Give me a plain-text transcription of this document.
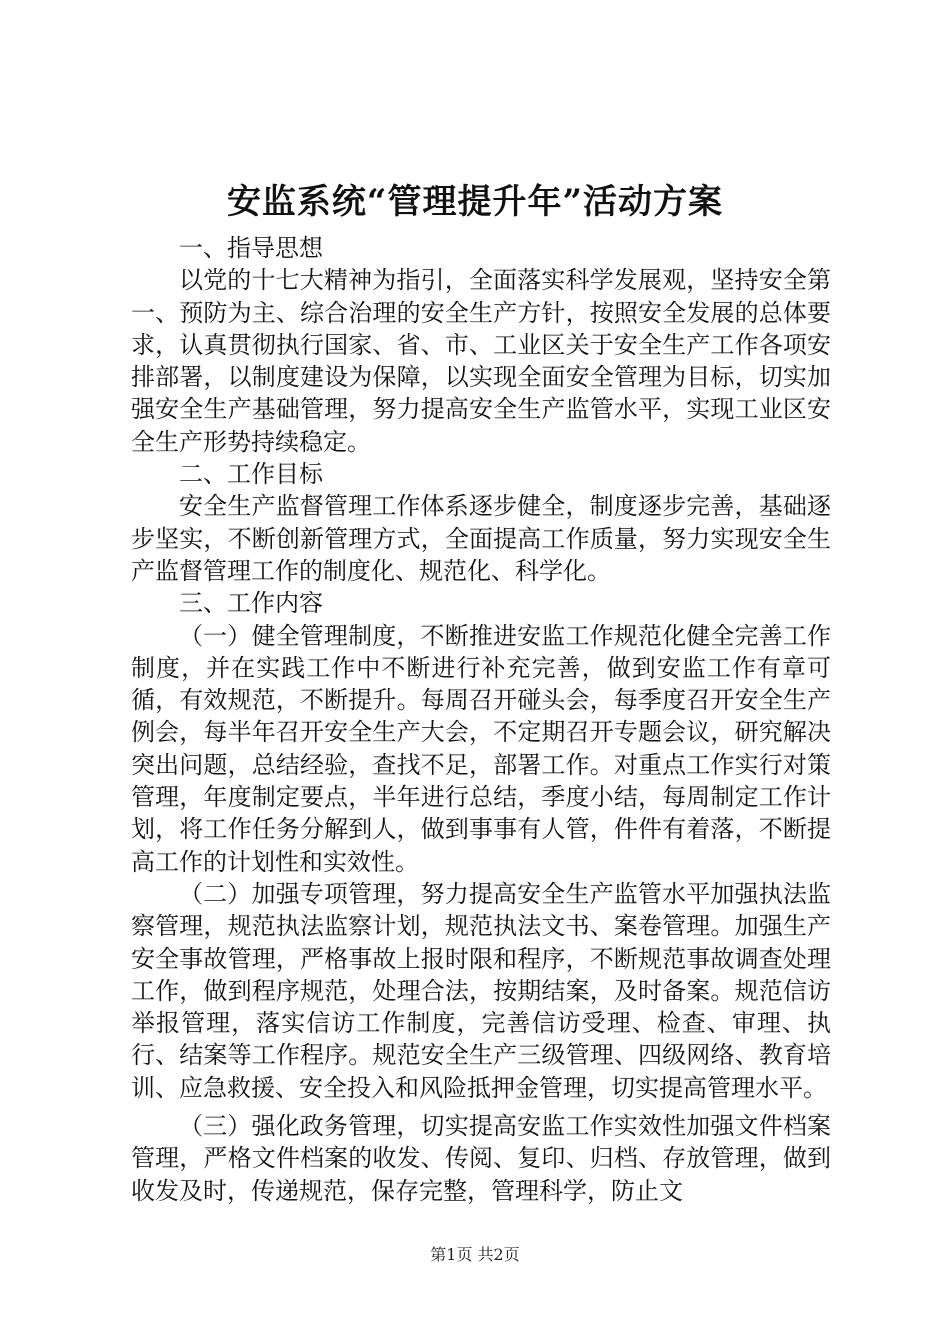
安监系统“管理提升年”活动方案

一、指导思想

以党的十七大精神为指引，全面落实科学发展观，坚持安全第一、预防为主、综合治理的安全生产方针，按照安全发展的总体要求，认真贯彻执行国家、省、市、工业区关于安全生产工作各项安排部署，以制度建设为保障，以实现全面安全管理为目标，切实加强安全生产基础管理，努力提高安全生产监管水平，实现工业区安全生产形势持续稳定。

二、工作目标

安全生产监督管理工作体系逐步健全，制度逐步完善，基础逐步坚实，不断创新管理方式，全面提高工作质量，努力实现安全生产监督管理工作的制度化、规范化、科学化。

三、工作内容

（一）健全管理制度，不断推进安监工作规范化健全完善工作制度，并在实践工作中不断进行补充完善，做到安监工作有章可循，有效规范，不断提升。每周召开碰头会，每季度召开安全生产例会，每半年召开安全生产大会，不定期召开专题会议，研究解决突出问题，总结经验，查找不足，部署工作。对重点工作实行对策管理，年度制定要点，半年进行总结，季度小结，每周制定工作计划，将工作任务分解到人，做到事事有人管，件件有着落，不断提高工作的计划性和实效性。

（二）加强专项管理，努力提高安全生产监管水平加强执法监察管理，规范执法监察计划，规范执法文书、案卷管理。加强生产安全事故管理，严格事故上报时限和程序，不断规范事故调查处理工作，做到程序规范，处理合法，按期结案，及时备案。规范信访举报管理，落实信访工作制度，完善信访受理、检查、审理、执行、结案等工作程序。规范安全生产三级管理、四级网络、教育培训、应急救援、安全投入和风险抵押金管理，切实提高管理水平。

（三）强化政务管理，切实提高安监工作实效性加强文件档案管理，严格文件档案的收发、传阅、复印、归档、存放管理，做到收发及时，传递规范，保存完整，管理科学，防止文

第1页 共2页
